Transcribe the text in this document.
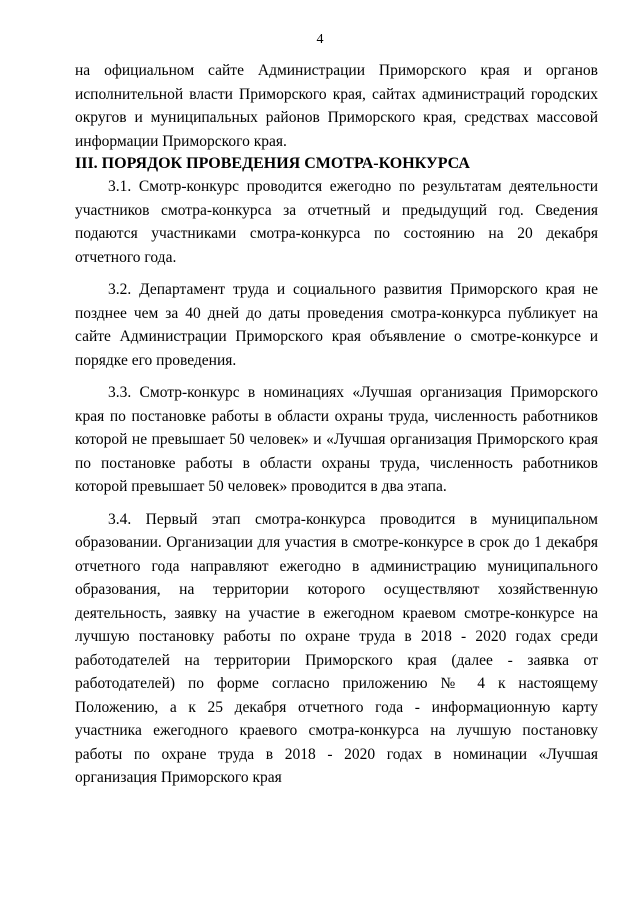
4

на официальном сайте Администрации Приморского края и органов исполнительной власти Приморского края, сайтах администраций городских округов и муниципальных районов Приморского края, средствах массовой информации Приморского края.

III. ПОРЯДОК ПРОВЕДЕНИЯ СМОТРА-КОНКУРСА

3.1. Смотр-конкурс проводится ежегодно по результатам деятельности участников смотра-конкурса за отчетный и предыдущий год. Сведения подаются участниками смотра-конкурса по состоянию на 20 декабря отчетного года.

3.2. Департамент труда и социального развития Приморского края не позднее чем за 40 дней до даты проведения смотра-конкурса публикует на сайте Администрации Приморского края объявление о смотре-конкурсе и порядке его проведения.

3.3. Смотр-конкурс в номинациях «Лучшая организация Приморского края по постановке работы в области охраны труда, численность работников которой не превышает 50 человек» и «Лучшая организация Приморского края по постановке работы в области охраны труда, численность работников которой превышает 50 человек» проводится в два этапа.

3.4. Первый этап смотра-конкурса проводится в муниципальном образовании. Организации для участия в смотре-конкурсе в срок до 1 декабря отчетного года направляют ежегодно в администрацию муниципального образования, на территории которого осуществляют хозяйственную деятельность, заявку на участие в ежегодном краевом смотре-конкурсе на лучшую постановку работы по охране труда в 2018 - 2020 годах среди работодателей на территории Приморского края (далее - заявка от работодателей) по форме согласно приложению № 4 к настоящему Положению, а к 25 декабря отчетного года - информационную карту участника ежегодного краевого смотра-конкурса на лучшую постановку работы по охране труда в 2018 - 2020 годах в номинации «Лучшая организация Приморского края
